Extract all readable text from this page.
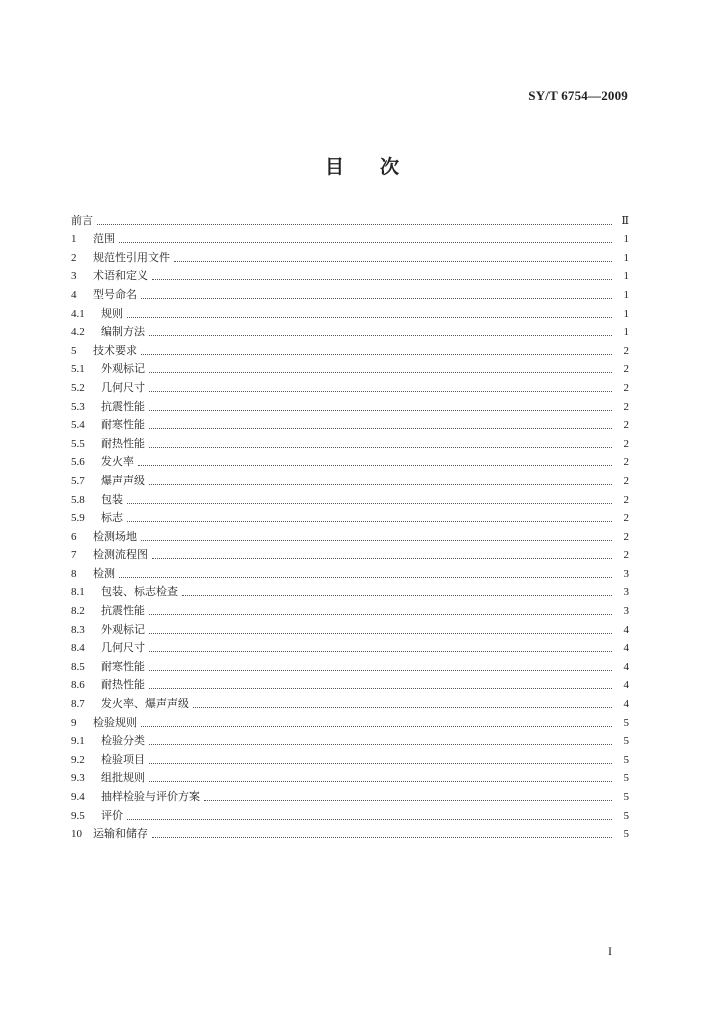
SY/T 6754—2009
目 次
前言	Ⅱ
1	范围	1
2	规范性引用文件	1
3	术语和定义	1
4	型号命名	1
4.1	规则	1
4.2	编制方法	1
5	技术要求	2
5.1	外观标记	2
5.2	几何尺寸	2
5.3	抗震性能	2
5.4	耐寒性能	2
5.5	耐热性能	2
5.6	发火率	2
5.7	爆声声级	2
5.8	包装	2
5.9	标志	2
6	检测场地	2
7	检测流程图	2
8	检测	3
8.1	包装、标志检查	3
8.2	抗震性能	3
8.3	外观标记	4
8.4	几何尺寸	4
8.5	耐寒性能	4
8.6	耐热性能	4
8.7	发火率、爆声声级	4
9	检验规则	5
9.1	检验分类	5
9.2	检验项目	5
9.3	组批规则	5
9.4	抽样检验与评价方案	5
9.5	评价	5
10	运输和储存	5
I
